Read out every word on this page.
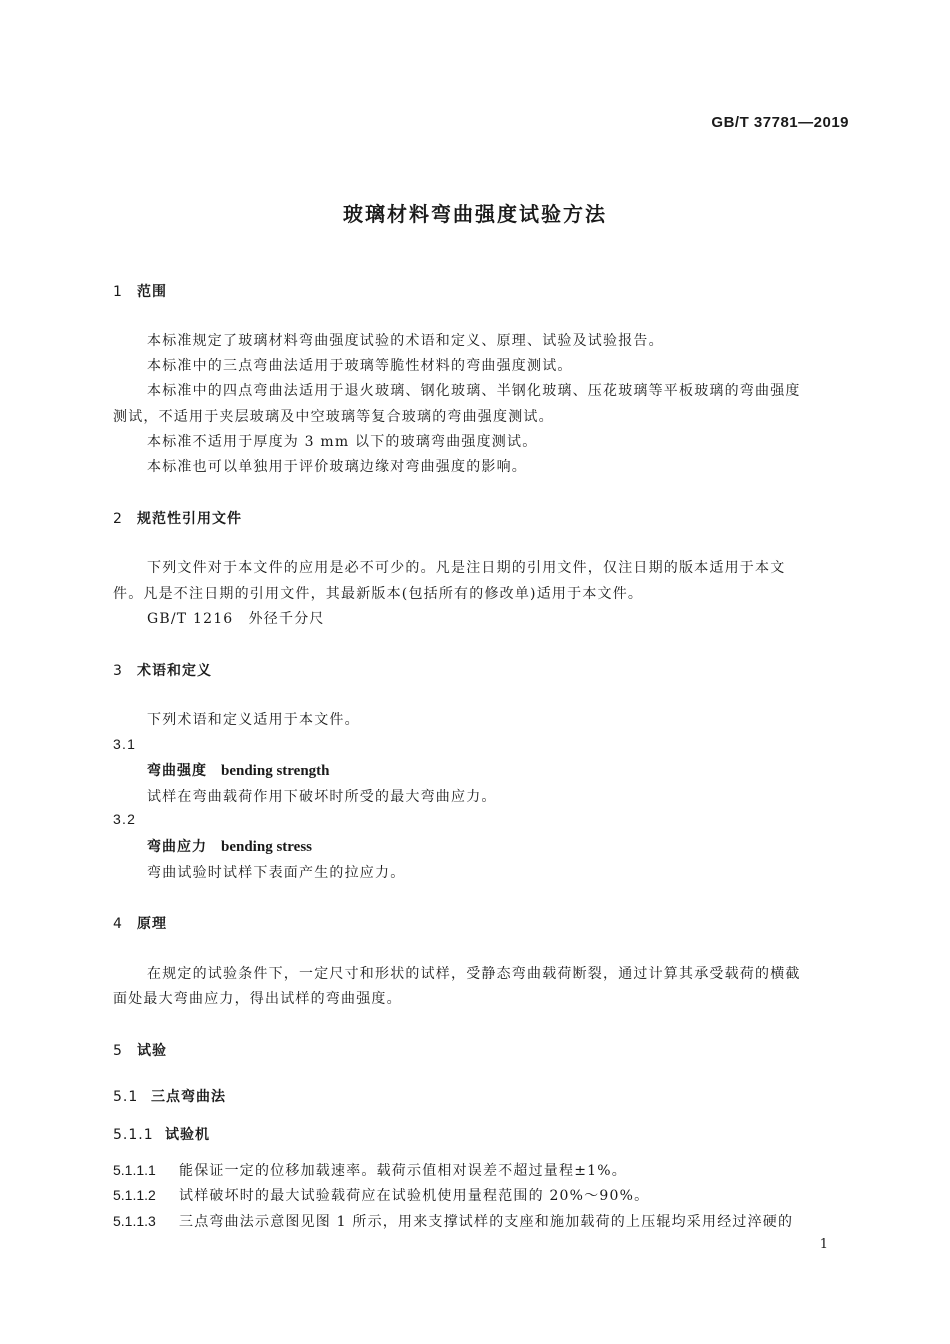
GB/T 37781—2019
玻璃材料弯曲强度试验方法
1 范围
本标准规定了玻璃材料弯曲强度试验的术语和定义、原理、试验及试验报告。
本标准中的三点弯曲法适用于玻璃等脆性材料的弯曲强度测试。
本标准中的四点弯曲法适用于退火玻璃、钢化玻璃、半钢化玻璃、压花玻璃等平板玻璃的弯曲强度
测试，不适用于夹层玻璃及中空玻璃等复合玻璃的弯曲强度测试。
本标准不适用于厚度为 3 mm 以下的玻璃弯曲强度测试。
本标准也可以单独用于评价玻璃边缘对弯曲强度的影响。
2 规范性引用文件
下列文件对于本文件的应用是必不可少的。凡是注日期的引用文件，仅注日期的版本适用于本文
件。凡是不注日期的引用文件，其最新版本(包括所有的修改单)适用于本文件。
GB/T 1216　外径千分尺
3 术语和定义
下列术语和定义适用于本文件。
3.1
弯曲强度 bending strength
试样在弯曲载荷作用下破坏时所受的最大弯曲应力。
3.2
弯曲应力 bending stress
弯曲试验时试样下表面产生的拉应力。
4 原理
在规定的试验条件下，一定尺寸和形状的试样，受静态弯曲载荷断裂，通过计算其承受载荷的横截
面处最大弯曲应力，得出试样的弯曲强度。
5 试验
5.1 三点弯曲法
5.1.1 试验机
5.1.1.1 能保证一定的位移加载速率。载荷示值相对误差不超过量程±1%。
5.1.1.2 试样破坏时的最大试验载荷应在试验机使用量程范围的 20%～90%。
5.1.1.3 三点弯曲法示意图见图 1 所示，用来支撑试样的支座和施加载荷的上压辊均采用经过淬硬的
1
